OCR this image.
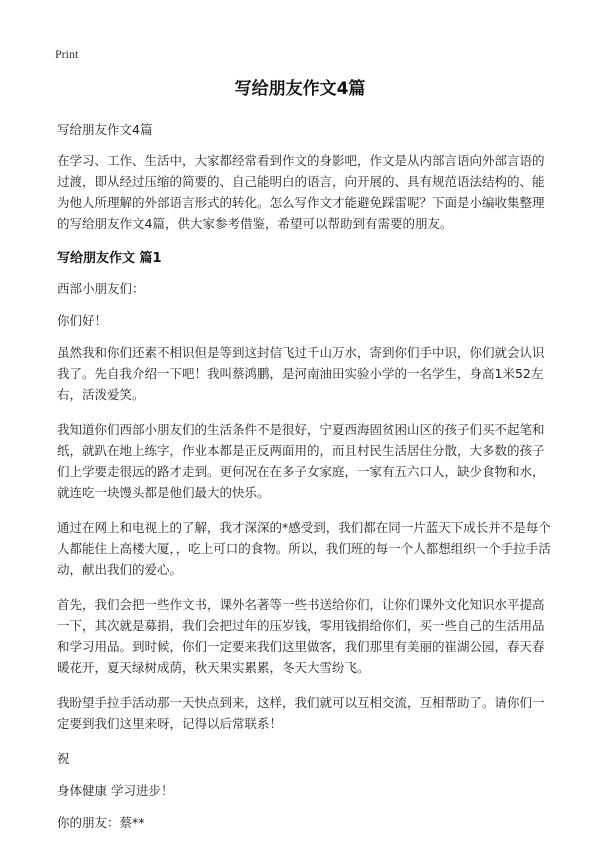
Print
写给朋友作文4篇

写给朋友作文4篇

在学习、工作、生活中，大家都经常看到作文的身影吧，作文是从内部言语向外部言语的过渡，即从经过压缩的简要的、自己能明白的语言，向开展的、具有规范语法结构的、能为他人所理解的外部语言形式的转化。怎么写作文才能避免踩雷呢？下面是小编收集整理的写给朋友作文4篇，供大家参考借鉴，希望可以帮助到有需要的朋友。

写给朋友作文 篇1

西部小朋友们：

你们好！

虽然我和你们还素不相识但是等到这封信飞过千山万水，寄到你们手中识，你们就会认识我了。先自我介绍一下吧！我叫蔡鸿鹏，是河南油田实验小学的一名学生，身高1米52左右，活泼爱笑。

我知道你们西部小朋友们的生活条件不是很好，宁夏西海固贫困山区的孩子们买不起笔和纸，就趴在地上练字，作业本都是正反两面用的，而且村民生活居住分散，大多数的孩子们上学要走很远的路才走到。更何况在在多子女家庭，一家有五六口人，缺少食物和水，就连吃一块馒头都是他们最大的快乐。

通过在网上和电视上的了解，我才深深的*感受到，我们都在同一片蓝天下成长并不是每个人都能住上高楼大厦，，吃上可口的食物。所以，我们班的每一个人都想组织一个手拉手活动，献出我们的爱心。

首先，我们会把一些作文书，课外名著等一些书送给你们，让你们课外文化知识水平提高一下，其次就是募捐，我们会把过年的压岁钱，零用钱捐给你们，买一些自己的生活用品和学习用品。到时候，你们一定要来我们这里做客，我们那里有美丽的崔湖公园，春天春暖花开，夏天绿树成荫，秋天果实累累，冬天大雪纷飞。

我盼望手拉手活动那一天快点到来，这样，我们就可以互相交流，互相帮助了。请你们一定要到我们这里来呀，记得以后常联系！

祝

身体健康 学习进步！

你的朋友：蔡**
